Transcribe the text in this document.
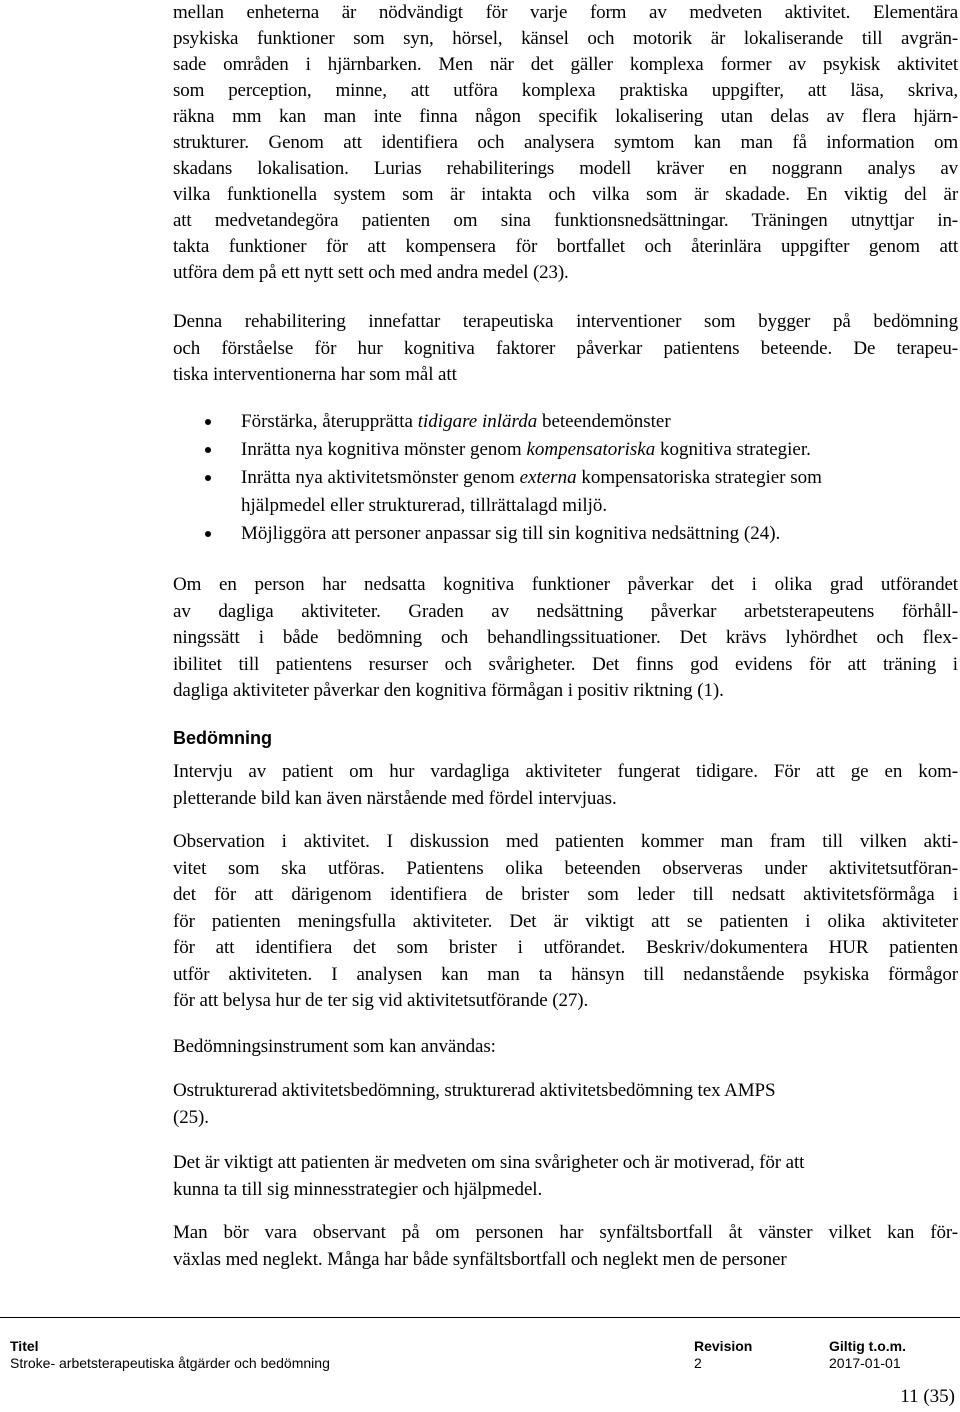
mellan enheterna är nödvändigt för varje form av medveten aktivitet. Elementära
psykiska funktioner som syn, hörsel, känsel och motorik är lokaliserande till avgrän-
sade områden i hjärnbarken. Men när det gäller komplexa former av psykisk aktivitet
som perception, minne, att utföra komplexa praktiska uppgifter, att läsa, skriva,
räkna mm kan man inte finna någon specifik lokalisering utan delas av flera hjärn-
strukturer. Genom att identifiera och analysera symtom kan man få information om
skadans lokalisation. Lurias rehabiliterings modell kräver en noggrann analys av
vilka funktionella system som är intakta och vilka som är skadade. En viktig del är
att medvetandegöra patienten om sina funktionsnedsättningar. Träningen utnyttjar in-
takta funktioner för att kompensera för bortfallet och återinlära uppgifter genom att
utföra dem på ett nytt sett och med andra medel (23).
Denna rehabilitering innefattar terapeutiska interventioner som bygger på bedömning
och förståelse för hur kognitiva faktorer påverkar patientens beteende. De terapeu-
tiska interventionerna har som mål att
Förstärka, återupprätta tidigare inlärda beteendemönster
Inrätta nya kognitiva mönster genom kompensatoriska kognitiva strategier.
Inrätta nya aktivitetsmönster genom externa kompensatoriska strategier som
hjälpmedel eller strukturerad, tillrättalagd miljö.
Möjliggöra att personer anpassar sig till sin kognitiva nedsättning (24).
Om en person har nedsatta kognitiva funktioner påverkar det i olika grad utförandet
av dagliga aktiviteter. Graden av nedsättning påverkar arbetsterapeutens förhåll-
ningssätt i både bedömning och behandlingssituationer. Det krävs lyhördhet och flex-
ibilitet till patientens resurser och svårigheter. Det finns god evidens för att träning i
dagliga aktiviteter påverkar den kognitiva förmågan i positiv riktning (1).
Bedömning
Intervju av patient om hur vardagliga aktiviteter fungerat tidigare. För att ge en kom-
pletterande bild kan även närstående med fördel intervjuas.
Observation i aktivitet. I diskussion med patienten kommer man fram till vilken akti-
vitet som ska utföras. Patientens olika beteenden observeras under aktivitetsutföran-
det för att därigenom identifiera de brister som leder till nedsatt aktivitetsförmåga i
för patienten meningsfulla aktiviteter. Det är viktigt att se patienten i olika aktiviteter
för att identifiera det som brister i utförandet. Beskriv/dokumentera HUR patienten
utför aktiviteten. I analysen kan man ta hänsyn till nedanstående psykiska förmågor
för att belysa hur de ter sig vid aktivitetsutförande (27).
Bedömningsinstrument som kan användas:
Ostrukturerad aktivitetsbedömning, strukturerad aktivitetsbedömning tex AMPS
(25).
Det är viktigt att patienten är medveten om sina svårigheter och är motiverad, för att
kunna ta till sig minnesstrategier och hjälpmedel.
Man bör vara observant på om personen har synfältsbortfall åt vänster vilket kan för-
växlas med neglekt. Många har både synfältsbortfall och neglekt men de personer
Titel
Stroke- arbetsterapeutiska åtgärder och bedömning
Revision
2
Giltig t.o.m.
2017-01-01
11 (35)
